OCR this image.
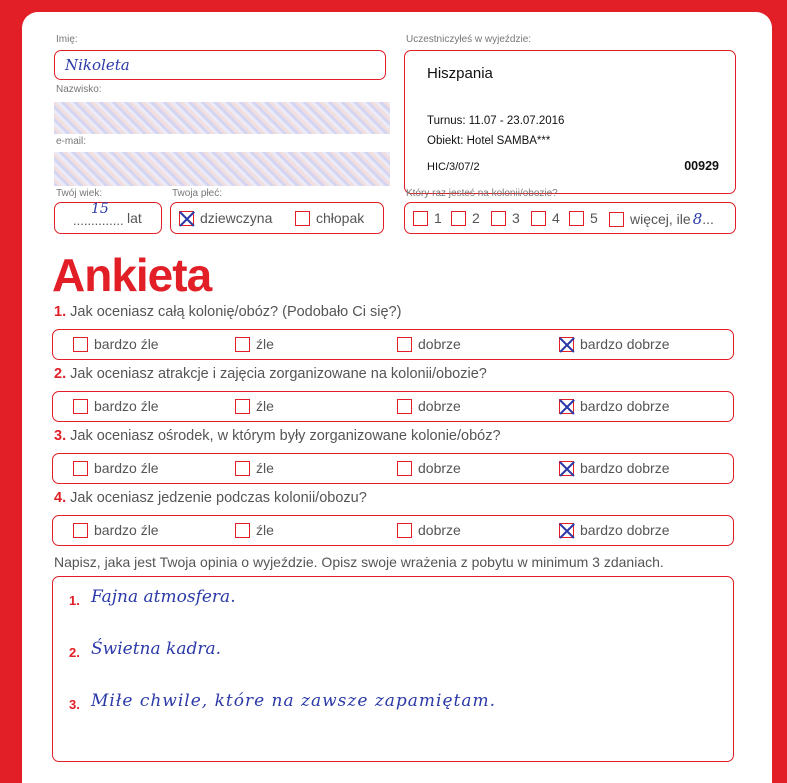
Imię:
Nikoleta
Nazwisko:
e-mail:
Twój wiek:
..............
15
lat
Twoja płeć:
dziewczyna	chłopak
Uczestniczyłeś w wyjeździe:
Hiszpania
Turnus: 11.07 - 23.07.2016
Obiekt: Hotel SAMBA***
HIC/3/07/2	00929
Który raz jesteś na kolonii/obozie?
1 2 3 4 5 więcej, ile 8 ...
Ankieta
1. Jak oceniasz całą kolonię/obóz? (Podobało Ci się?)
bardzo źle	źle	dobrze	bardzo dobrze
2. Jak oceniasz atrakcje i zajęcia zorganizowane na kolonii/obozie?
bardzo źle	źle	dobrze	bardzo dobrze
3. Jak oceniasz ośrodek, w którym były zorganizowane kolonie/obóz?
bardzo źle	źle	dobrze	bardzo dobrze
4. Jak oceniasz jedzenie podczas kolonii/obozu?
bardzo źle	źle	dobrze	bardzo dobrze
Napisz, jaka jest Twoja opinia o wyjeździe. Opisz swoje wrażenia z pobytu w minimum 3 zdaniach.
1. Fajna atmosfera.
2. Świetna kadra.
3. Miłe chwile, które na zawsze zapamiętam.
